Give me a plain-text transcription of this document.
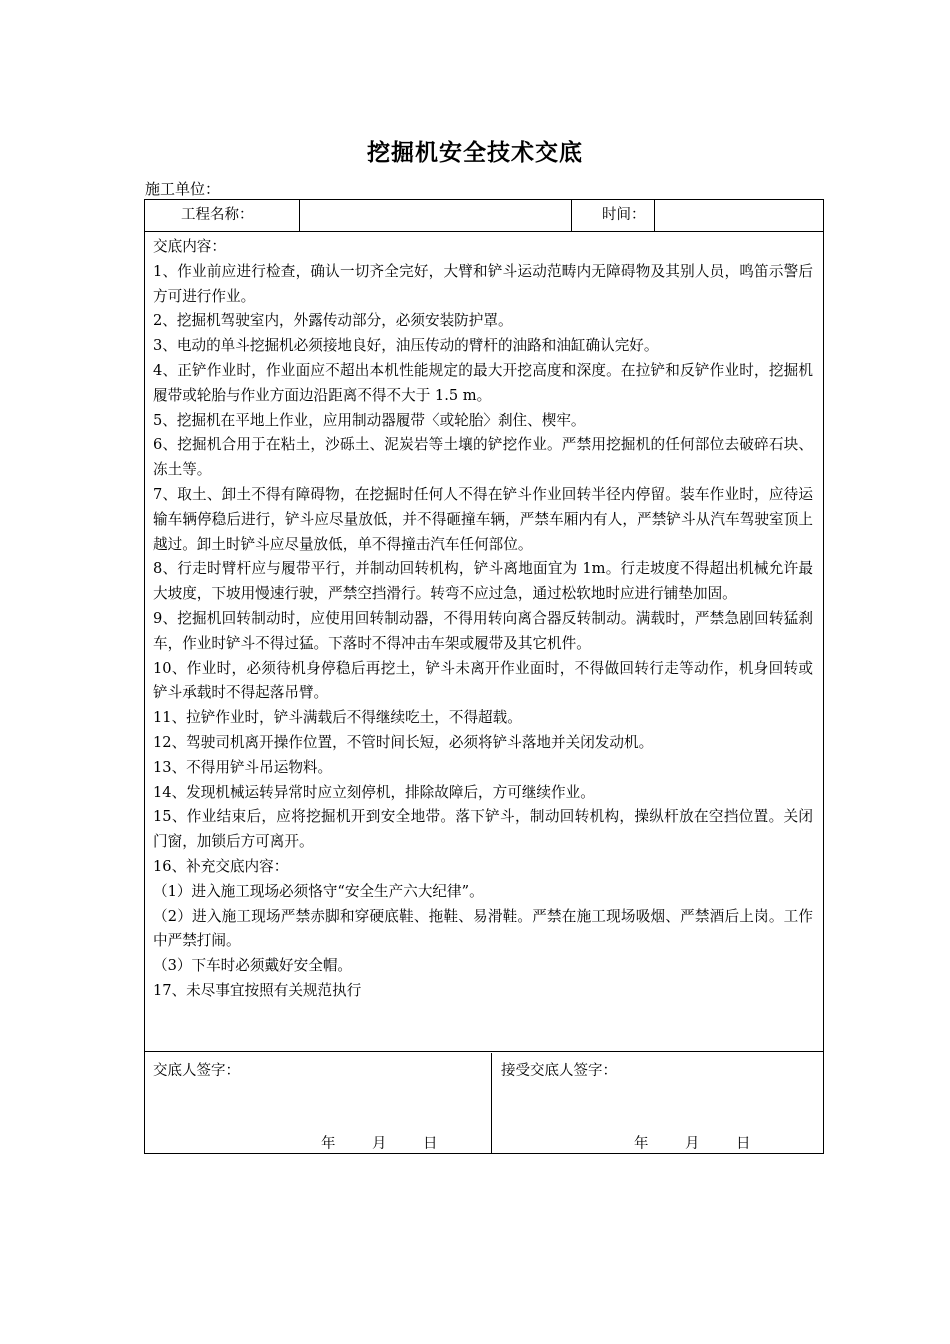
挖掘机安全技术交底
施工单位：
工程名称：	时间：

交底内容：

1、作业前应进行检查，确认一切齐全完好，大臂和铲斗运动范畴内无障碍物及其别人员，鸣笛示警后方可进行作业。

2、挖掘机驾驶室内，外露传动部分，必须安装防护罩。

3、电动的单斗挖掘机必须接地良好，油压传动的臂杆的油路和油缸确认完好。

4、正铲作业时，作业面应不超出本机性能规定的最大开挖高度和深度。在拉铲和反铲作业时，挖掘机履带或轮胎与作业方面边沿距离不得不大于 1.5 m。

5、挖掘机在平地上作业，应用制动器履带〈或轮胎〉刹住、楔牢。

6、挖掘机合用于在粘土，沙砾土、泥炭岩等土壤的铲挖作业。严禁用挖掘机的任何部位去破碎石块、冻土等。

7、取土、卸土不得有障碍物，在挖掘时任何人不得在铲斗作业回转半径内停留。装车作业时，应待运输车辆停稳后进行，铲斗应尽量放低，并不得砸撞车辆，严禁车厢内有人，严禁铲斗从汽车驾驶室顶上越过。卸土时铲斗应尽量放低，单不得撞击汽车任何部位。

8、行走时臂杆应与履带平行，并制动回转机构，铲斗离地面宜为 1m。行走坡度不得超出机械允许最大坡度，下坡用慢速行驶，严禁空挡滑行。转弯不应过急，通过松软地时应进行铺垫加固。

9、挖掘机回转制动时，应使用回转制动器，不得用转向离合器反转制动。满载时，严禁急剧回转猛刹车，作业时铲斗不得过猛。下落时不得冲击车架或履带及其它机件。

10、作业时，必须待机身停稳后再挖土，铲斗未离开作业面时，不得做回转行走等动作，机身回转或铲斗承载时不得起落吊臂。

11、拉铲作业时，铲斗满载后不得继续吃土，不得超载。

12、驾驶司机离开操作位置，不管时间长短，必须将铲斗落地并关闭发动机。

13、不得用铲斗吊运物料。

14、发现机械运转异常时应立刻停机，排除故障后，方可继续作业。

15、作业结束后，应将挖掘机开到安全地带。落下铲斗，制动回转机构，操纵杆放在空挡位置。关闭门窗，加锁后方可离开。

16、补充交底内容：

（1）进入施工现场必须恪守“安全生产六大纪律”。

（2）进入施工现场严禁赤脚和穿硬底鞋、拖鞋、易滑鞋。严禁在施工现场吸烟、严禁酒后上岗。工作中严禁打闹。

（3）下车时必须戴好安全帽。

17、未尽事宜按照有关规范执行

交底人签字：
年	月	日
接受交底人签字：
年	月	日
